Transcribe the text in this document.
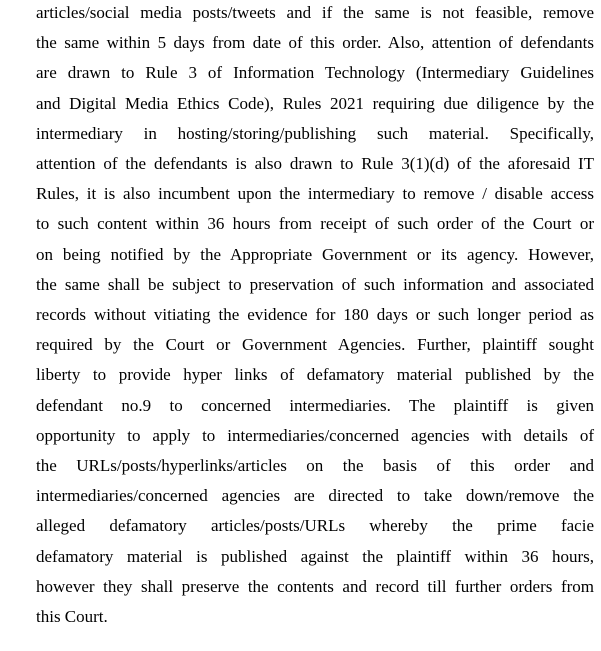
articles/social media posts/tweets and if the same is not feasible, remove
the same within 5 days from date of this order. Also, attention of defendants
are drawn to Rule 3 of Information Technology (Intermediary Guidelines
and Digital Media Ethics Code), Rules 2021 requiring due diligence by the
intermediary in hosting/storing/publishing such material. Specifically,
attention of the defendants is also drawn to Rule 3(1)(d) of the aforesaid IT
Rules, it is also incumbent upon the intermediary to remove / disable access
to such content within 36 hours from receipt of such order of the Court or
on being notified by the Appropriate Government or its agency. However,
the same shall be subject to preservation of such information and associated
records without vitiating the evidence for 180 days or such longer period as
required by the Court or Government Agencies. Further, plaintiff sought
liberty to provide hyper links of defamatory material published by the
defendant no.9 to concerned intermediaries. The plaintiff is given
opportunity to apply to intermediaries/concerned agencies with details of
the URLs/posts/hyperlinks/articles on the basis of this order and
intermediaries/concerned agencies are directed to take down/remove the
alleged defamatory articles/posts/URLs whereby the prime facie
defamatory material is published against the plaintiff within 36 hours,
however they shall preserve the contents and record till further orders from
this Court.
